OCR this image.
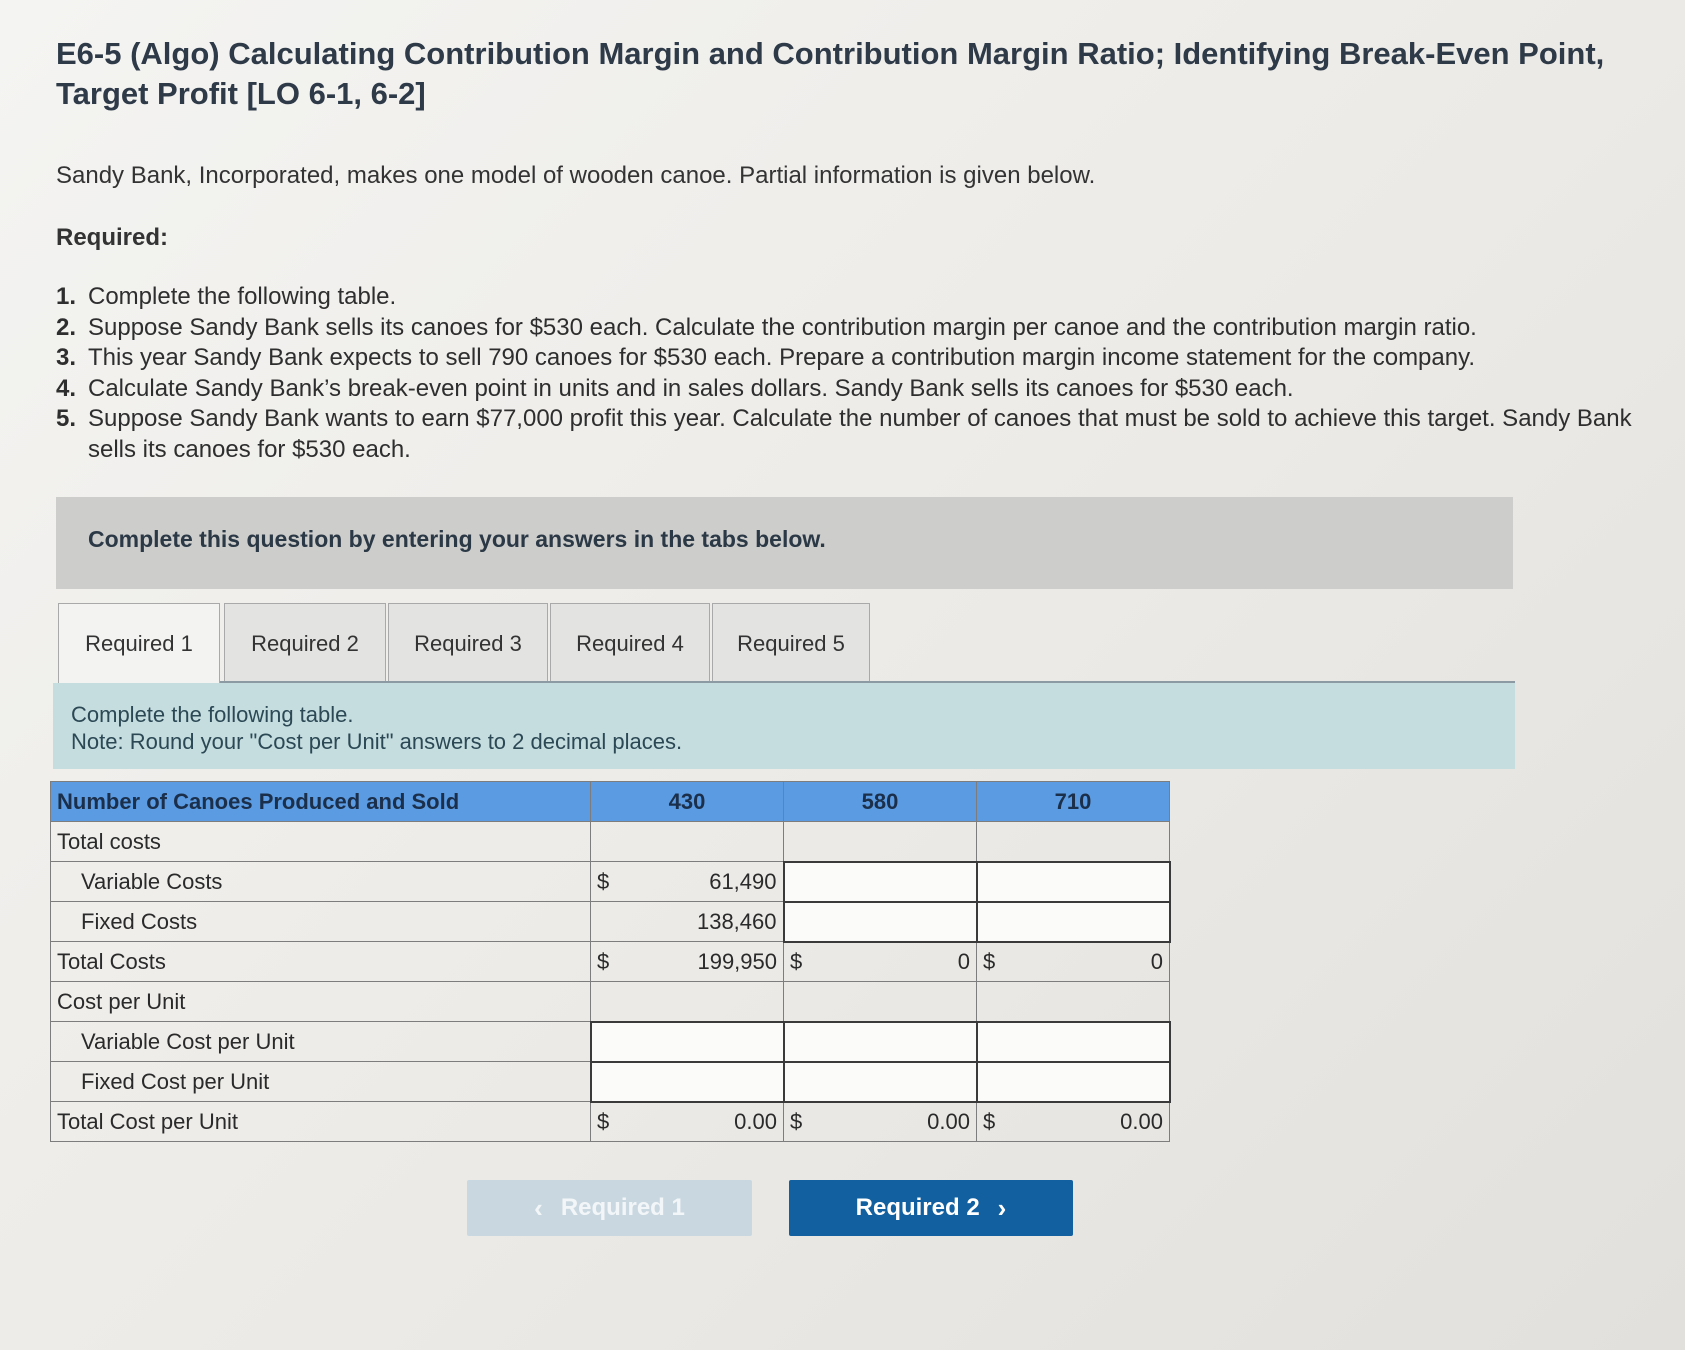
E6-5 (Algo) Calculating Contribution Margin and Contribution Margin Ratio; Identifying Break-Even Point, Target Profit [LO 6-1, 6-2]
Sandy Bank, Incorporated, makes one model of wooden canoe. Partial information is given below.
Required:
1. Complete the following table.
2. Suppose Sandy Bank sells its canoes for $530 each. Calculate the contribution margin per canoe and the contribution margin ratio.
3. This year Sandy Bank expects to sell 790 canoes for $530 each. Prepare a contribution margin income statement for the company.
4. Calculate Sandy Bank’s break-even point in units and in sales dollars. Sandy Bank sells its canoes for $530 each.
5. Suppose Sandy Bank wants to earn $77,000 profit this year. Calculate the number of canoes that must be sold to achieve this target. Sandy Bank sells its canoes for $530 each.
Complete this question by entering your answers in the tabs below.
Required 1	Required 2	Required 3	Required 4	Required 5
Complete the following table.
Note: Round your "Cost per Unit" answers to 2 decimal places.
Number of Canoes Produced and Sold	430	580	710
Total costs			
Variable Costs	$ 61,490

Fixed Costs	138,460

Total Costs	$ 199,950	$ 0	$ 0

Cost per Unit			
Variable Cost per Unit			
Fixed Cost per Unit			
Total Cost per Unit	$ 0.00	$ 0.00	$ 0.00
‹ Required 1	Required 2 ›
